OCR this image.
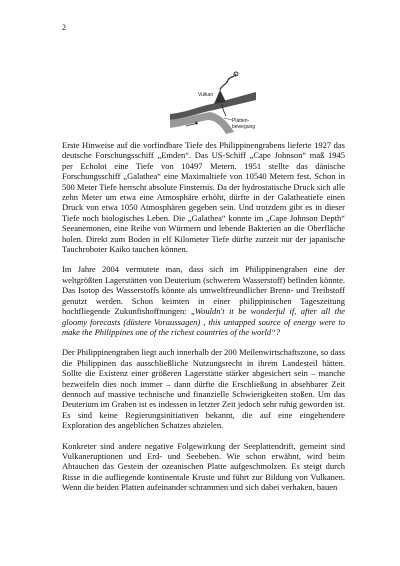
2
Vulkan
Platten-
bewegung

Erste Hinweise auf die vorfindbare Tiefe des Philippinengrabens lieferte 1927 das deutsche Forschungsschiff „Emden“. Das US-Schiff „Cape Johnson“ maß 1945 per Echolot eine Tiefe von 10497 Metern. 1951 stellte das dänische Forschungsschiff „Galathea“ eine Maximaltiefe von 10540 Metern fest. Schon in 500 Meter Tiefe herrscht absolute Finsternis. Da der hydrostatische Druck sich alle zehn Meter um etwa eine Atmosphäre erhöht, dürfte in der Galatheatiefe einen Druck von etwa 1050 Atmosphären gegeben sein. Und trotzdem gibt es in dieser Tiefe noch biologisches Leben. Die „Galathea“ konnte im „Cape Johnson Depth“ Seeanemonen, eine Reihe von Würmern und lebende Bakterien an die Oberfläche holen. Direkt zum Boden in elf Kilometer Tiefe dürfte zurzeit nur der japanische Tauchroboter Kaiko tauchen können.

Im Jahre 2004 vermutete man, dass sich im Philippinengraben eine der weltgrößten Lagerstätten von Deuterium (schwerem Wasserstoff) befinden könnte. Das Isotop des Wasserstoffs könnte als umweltfreundlicher Brenn- und Treibstoff genutzt werden. Schon keimten in einer philippinischen Tageszeitung hochfliegende Zukunftshoffnungen: „Wouldn't it be wonderful if, after all the gloomy forecasts (düstere Voraussagen) , this untapped source of energy were to make the Philippines one of the richest countries of the world“?

Der Philippinengraben liegt auch innerhalb der 200 Meilenwirtschaftszone, so dass die Philippinen das ausschließliche Nutzungsrecht in ihrem Landesteil hätten. Sollte die Existenz einer größeren Lagerstätte stärker abgesichert sein – manche bezweifeln dies noch immer – dann dürfte die Erschließung in absehbarer Zeit dennoch auf massive technische und finanzielle Schwierigkeiten stoßen. Um das Deuterium im Graben ist es indessen in letzter Zeit jedoch sehr ruhig geworden ist. Es sind keine Regierungsinitiativen bekannt, die auf eine eingehendere Exploration des angeblichen Schatzes abzielen.

Konkreter sind andere negative Folgewirkung der Seeplattendrift, gemeint sind Vulkaneruptionen und Erd- und Seebeben. Wie schon erwähnt, wird beim Abtauchen das Gestein der ozeanischen Platte aufgeschmolzen. Es steigt durch Risse in die aufliegende kontinentale Kruste und führt zur Bildung von Vulkanen. Wenn die beiden Platten aufeinander schrammen und sich dabei verhaken, bauen
